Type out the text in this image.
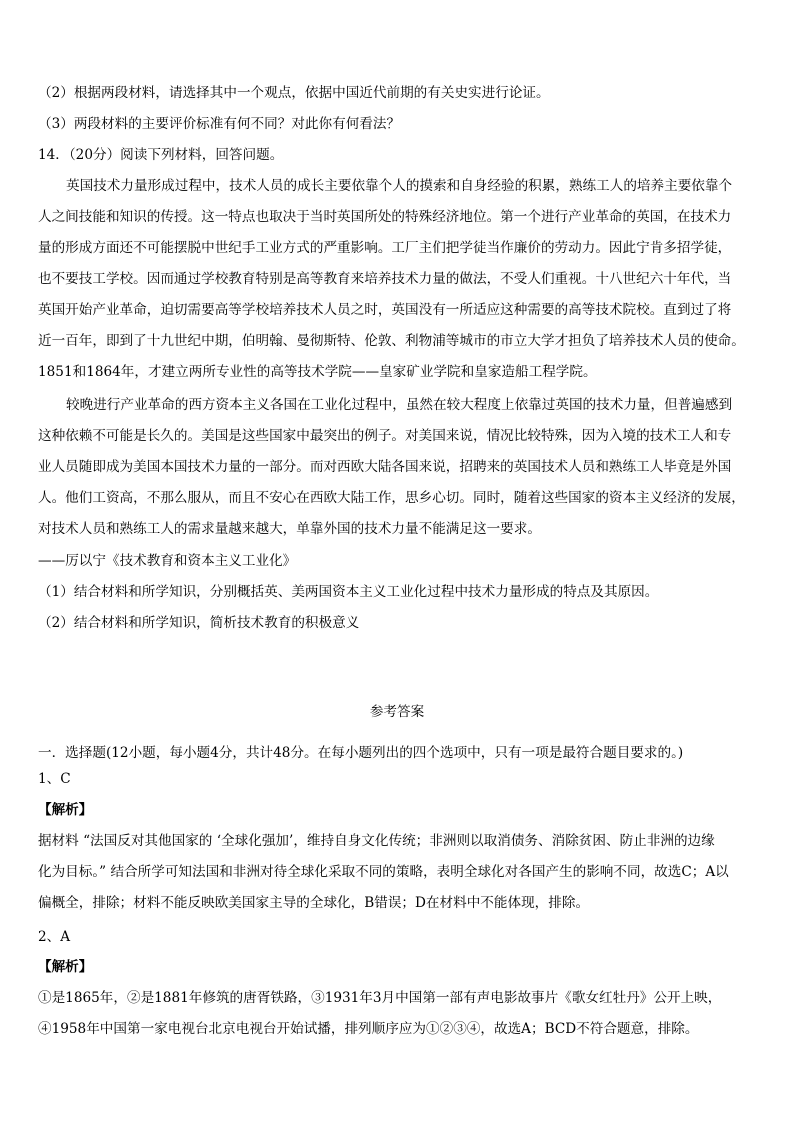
（2）根据两段材料，请选择其中一个观点，依据中国近代前期的有关史实进行论证。
（3）两段材料的主要评价标准有何不同？对此你有何看法？
14．（20分）阅读下列材料，回答问题。
英国技术力量形成过程中，技术人员的成长主要依靠个人的摸索和自身经验的积累，熟练工人的培养主要依靠个
人之间技能和知识的传授。这一特点也取决于当时英国所处的特殊经济地位。第一个进行产业革命的英国，在技术力
量的形成方面还不可能摆脱中世纪手工业方式的严重影响。工厂主们把学徒当作廉价的劳动力。因此宁肯多招学徒，
也不要技工学校。因而通过学校教育特别是高等教育来培养技术力量的做法，不受人们重视。十八世纪六十年代，当
英国开始产业革命，迫切需要高等学校培养技术人员之时，英国没有一所适应这种需要的高等技术院校。直到过了将
近一百年，即到了十九世纪中期，伯明翰、曼彻斯特、伦敦、利物浦等城市的市立大学才担负了培养技术人员的使命。
1851和1864年，才建立两所专业性的高等技术学院——皇家矿业学院和皇家造船工程学院。
较晚进行产业革命的西方资本主义各国在工业化过程中，虽然在较大程度上依靠过英国的技术力量，但普遍感到
这种依赖不可能是长久的。美国是这些国家中最突出的例子。对美国来说，情况比较特殊，因为入境的技术工人和专
业人员随即成为美国本国技术力量的一部分。而对西欧大陆各国来说，招聘来的英国技术人员和熟练工人毕竟是外国
人。他们工资高，不那么服从，而且不安心在西欧大陆工作，思乡心切。同时，随着这些国家的资本主义经济的发展，
对技术人员和熟练工人的需求量越来越大，单靠外国的技术力量不能满足这一要求。
——厉以宁《技术教育和资本主义工业化》
（1）结合材料和所学知识，分别概括英、美两国资本主义工业化过程中技术力量形成的特点及其原因。
（2）结合材料和所学知识，简析技术教育的积极意义
参考答案
一．选择题(12小题，每小题4分，共计48分。在每小题列出的四个选项中，只有一项是最符合题目要求的。)
1、C
【解析】
据材料 “法国反对其他国家的 ‘全球化强加’，维持自身文化传统；非洲则以取消债务、消除贫困、防止非洲的边缘
化为目标。” 结合所学可知法国和非洲对待全球化采取不同的策略，表明全球化对各国产生的影响不同，故选C；A以
偏概全，排除；材料不能反映欧美国家主导的全球化，B错误；D在材料中不能体现，排除。
2、A
【解析】
①是1865年，②是1881年修筑的唐胥铁路，③1931年3月中国第一部有声电影故事片《歌女红牡丹》公开上映，
④1958年中国第一家电视台北京电视台开始试播，排列顺序应为①②③④，故选A；BCD不符合题意，排除。
